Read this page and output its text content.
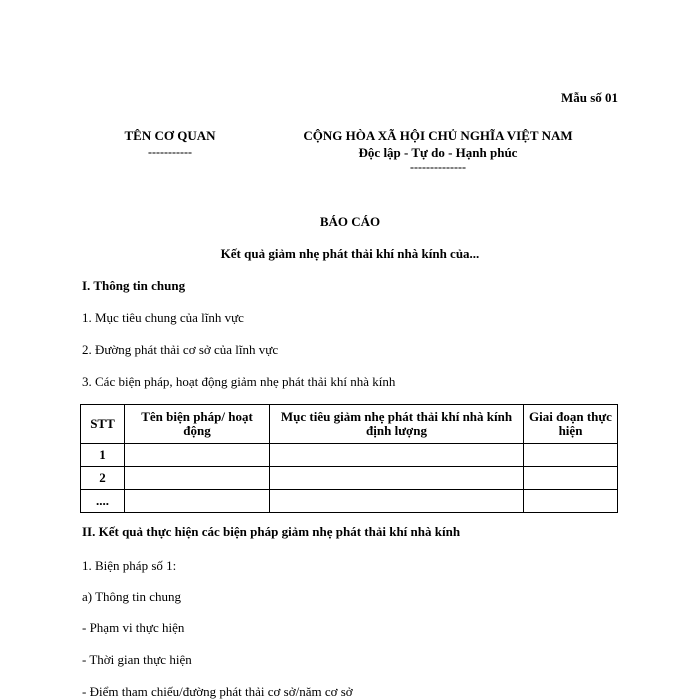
Mẫu số 01
TÊN CƠ QUAN
-----------
CỘNG HÒA XÃ HỘI CHỦ NGHĨA VIỆT NAM
Độc lập - Tự do - Hạnh phúc
--------------
BÁO CÁO
Kết quả giảm nhẹ phát thải khí nhà kính của...
I. Thông tin chung
1. Mục tiêu chung của lĩnh vực
2. Đường phát thải cơ sở của lĩnh vực
3. Các biện pháp, hoạt động giảm nhẹ phát thải khí nhà kính
STT	Tên biện pháp/ hoạt động	Mục tiêu giảm nhẹ phát thải khí nhà kính định lượng	Giai đoạn thực hiện
1			
2			
....			
II. Kết quả thực hiện các biện pháp giảm nhẹ phát thải khí nhà kính
1. Biện pháp số 1:
a) Thông tin chung
- Phạm vi thực hiện
- Thời gian thực hiện
- Điểm tham chiếu/đường phát thải cơ sở/năm cơ sở
